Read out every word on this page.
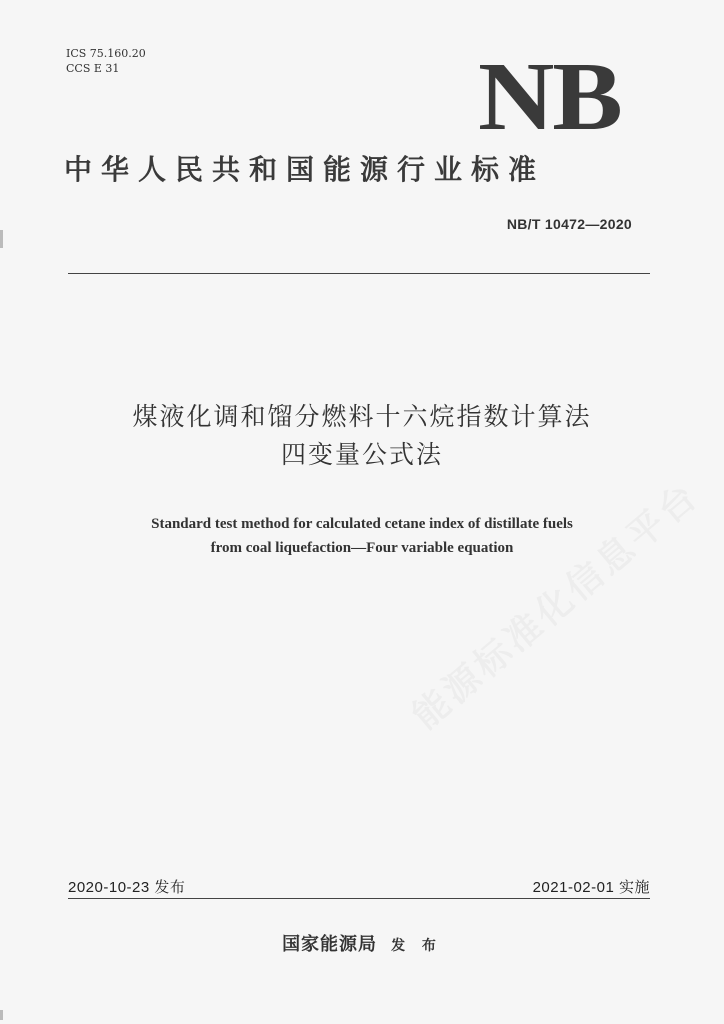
ICS 75.160.20
CCS E 31	NB
中华人民共和国能源行业标准
NB/T 10472—2020
煤液化调和馏分燃料十六烷指数计算法
四变量公式法
Standard test method for calculated cetane index of distillate fuels
from coal liquefaction—Four variable equation
2020-10-23 发布	2021-02-01 实施
国家能源局 发 布
